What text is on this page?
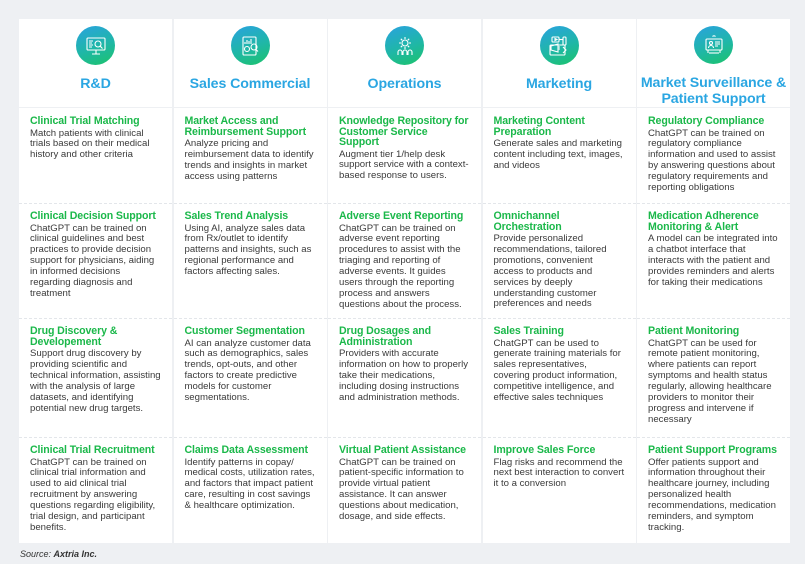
R&D
Clinical Trial Matching
Match patients with clinical trials based on their medical history and other criteria
Clinical Decision Support
ChatGPT can be trained on clinical guidelines and best practices to provide decision support for physicians, aiding in informed decisions regarding diagnosis and treatment
Drug Discovery & Developement
Support drug discovery by providing scientific and technical information, assisting with the analysis of large datasets, and identifying potential new drug targets.
Clinical Trial Recruitment
ChatGPT can be trained on clinical trial information and used to aid clinical trial recruitment by answering questions regarding eligibility, trial design, and participant benefits.
Sales Commercial
Market Access and Reimbursement Support
Analyze pricing and reimbursement data to identify trends and insights in market access using patterns
Sales Trend Analysis
Using AI, analyze sales data from Rx/outlet to identify patterns and insights, such as regional performance and factors affecting sales.
Customer Segmentation
AI can analyze customer data such as demographics, sales trends, opt-outs, and other factors to create predictive models for customer segmentations.
Claims Data Assessment
Identify patterns in copay/ medical costs, utilization rates, and factors that impact patient care, resulting in cost savings & healthcare optimization.
Operations
Knowledge Repository for Customer Service Support
Augment tier 1/help desk support service with a context-based response to users.
Adverse Event Reporting
ChatGPT can be trained on adverse event reporting procedures to assist with the triaging and reporting of adverse events. It guides users through the reporting process and answers questions about the process.
Drug Dosages and Administration
Providers with accurate information on how to properly take their medications, including dosing instructions and administration methods.
Virtual Patient Assistance
ChatGPT can be trained on patient-specific information to provide virtual patient assistance. It can answer questions about medication, dosage, and side effects.
Marketing
Marketing Content Preparation
Generate sales and marketing content including text, images, and videos
Omnichannel Orchestration
Provide personalized recommendations, tailored promotions, convenient access to products and services by deeply understanding customer preferences and needs
Sales Training
ChatGPT can be used to generate training materials for sales representatives, covering product information, competitive intelligence, and effective sales techniques
Improve Sales Force
Flag risks and recommend the next best interaction to convert it to a conversion
Market Surveillance & Patient Support
Regulatory Compliance
ChatGPT can be trained on regulatory compliance information and used to assist by answering questions about regulatory requirements and reporting obligations
Medication Adherence Monitoring & Alert
A model can be integrated into a chatbot interface that interacts with the patient and provides reminders and alerts for taking their medications
Patient Monitoring
ChatGPT can be used for remote patient monitoring, where patients can report symptoms and health status regularly, allowing healthcare providers to monitor their progress and intervene if necessary
Patient Support Programs
Offer patients support and information throughout their healthcare journey, including personalized health recommendations, medication reminders, and symptom tracking.
Source: Axtria Inc.
